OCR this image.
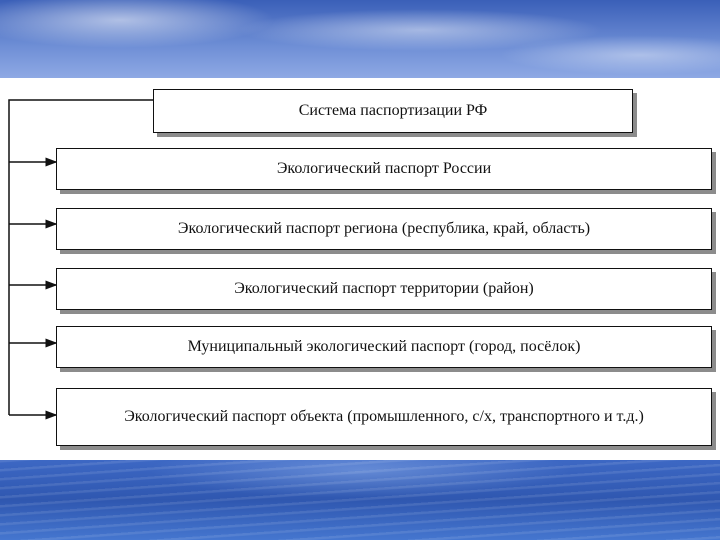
Система паспортизации РФ
Экологический паспорт России
Экологический паспорт региона (республика, край, область)
Экологический паспорт территории (район)
Муниципальный экологический паспорт (город, посёлок)
Экологический паспорт объекта (промышленного, с/х, транспортного и т.д.)
